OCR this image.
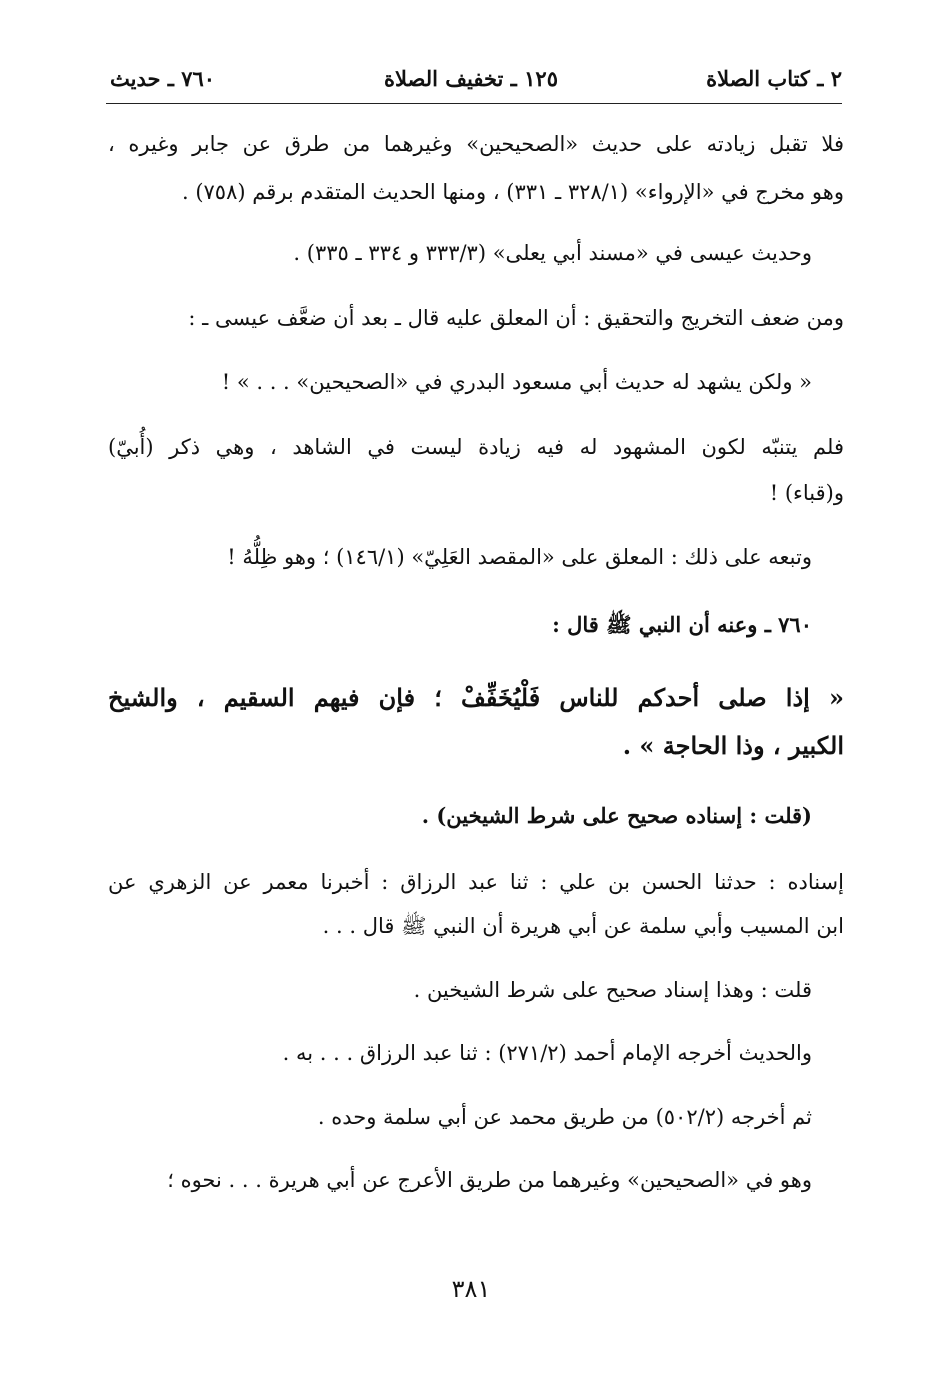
٢ ـ كتاب الصلاة
١٢٥ ـ تخفيف الصلاة
٧٦٠ ـ حديث
فلا تقبل زيادته على حديث «الصحيحين» وغيرهما من طرق عن جابر وغيره ،
وهو مخرج في «الإرواء» (٣٢٨/١ ـ ٣٣١) ، ومنها الحديث المتقدم برقم (٧٥٨) .
وحديث عيسى في «مسند أبي يعلى» (٣٣٣/٣ و ٣٣٤ ـ ٣٣٥) .
ومن ضعف التخريج والتحقيق : أن المعلق عليه قال ـ بعد أن ضعَّف عيسى ـ :
« ولكن يشهد له حديث أبي مسعود البدري في «الصحيحين» . . . » !
فلم يتنبّه لكون المشهود له فيه زيادة ليست في الشاهد ، وهي ذكر (أُبيّ)
و(قباء) !
وتبعه على ذلك : المعلق على «المقصد العَلِيّ» (١٤٦/١) ؛ وهو ظِلُّهُ !
٧٦٠ ـ وعنه أن النبي ﷺ قال :
« إذا صلى أحدكم للناس فَلْيُخَفِّفْ ؛ فإن فيهم السقيم ، والشيخ
الكبير ، وذا الحاجة » .
(قلت : إسناده صحيح على شرط الشيخين) .
إسناده : حدثنا الحسن بن علي : ثنا عبد الرزاق : أخبرنا معمر عن الزهري عن
ابن المسيب وأبي سلمة عن أبي هريرة أن النبي ﷺ قال . . .
قلت : وهذا إسناد صحيح على شرط الشيخين .
والحديث أخرجه الإمام أحمد (٢٧١/٢) : ثنا عبد الرزاق . . . به .
ثم أخرجه (٥٠٢/٢) من طريق محمد عن أبي سلمة وحده .
وهو في «الصحيحين» وغيرهما من طريق الأعرج عن أبي هريرة . . . نحوه ؛
٣٨١
